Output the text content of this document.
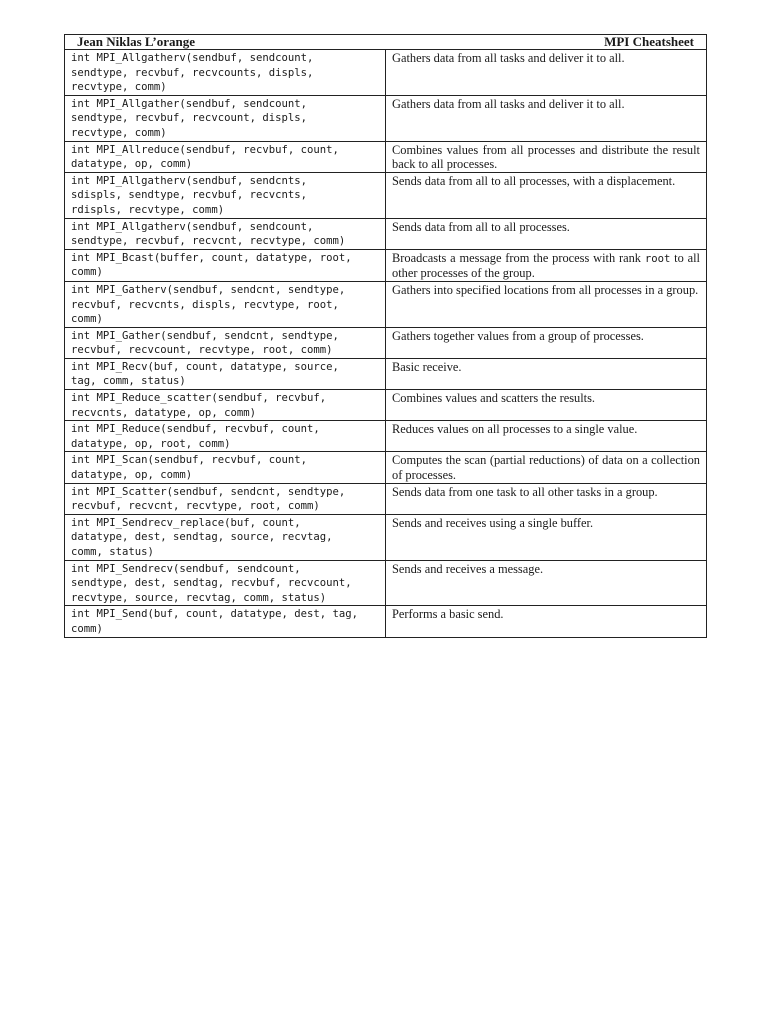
Jean Niklas L’orange MPI Cheatsheet	

int MPI_Allgatherv(sendbuf, sendcount,
sendtype, recvbuf, recvcounts, displs,
recvtype, comm)	Gathers data from all tasks and deliver it to all.
int MPI_Allgather(sendbuf, sendcount,
sendtype, recvbuf, recvcount, displs,
recvtype, comm)	Gathers data from all tasks and deliver it to all.
int MPI_Allreduce(sendbuf, recvbuf, count,
datatype, op, comm)	Combines values from all processes and distribute the result back to all processes.
int MPI_Allgatherv(sendbuf, sendcnts,
sdispls, sendtype, recvbuf, recvcnts,
rdispls, recvtype, comm)	Sends data from all to all processes, with a displacement.
int MPI_Allgatherv(sendbuf, sendcount,
sendtype, recvbuf, recvcnt, recvtype, comm)	Sends data from all to all processes.
int MPI_Bcast(buffer, count, datatype, root,
comm)	Broadcasts a message from the process with rank root to all other processes of the group.
int MPI_Gatherv(sendbuf, sendcnt, sendtype,
recvbuf, recvcnts, displs, recvtype, root,
comm)	Gathers into specified locations from all processes in a group.
int MPI_Gather(sendbuf, sendcnt, sendtype,
recvbuf, recvcount, recvtype, root, comm)	Gathers together values from a group of processes.
int MPI_Recv(buf, count, datatype, source,
tag, comm, status)	Basic receive.
int MPI_Reduce_scatter(sendbuf, recvbuf,
recvcnts, datatype, op, comm)	Combines values and scatters the results.
int MPI_Reduce(sendbuf, recvbuf, count,
datatype, op, root, comm)	Reduces values on all processes to a single value.
int MPI_Scan(sendbuf, recvbuf, count,
datatype, op, comm)	Computes the scan (partial reductions) of data on a collection of processes.
int MPI_Scatter(sendbuf, sendcnt, sendtype,
recvbuf, recvcnt, recvtype, root, comm)	Sends data from one task to all other tasks in a group.
int MPI_Sendrecv_replace(buf, count,
datatype, dest, sendtag, source, recvtag,
comm, status)	Sends and receives using a single buffer.
int MPI_Sendrecv(sendbuf, sendcount,
sendtype, dest, sendtag, recvbuf, recvcount,
recvtype, source, recvtag, comm, status)	Sends and receives a message.
int MPI_Send(buf, count, datatype, dest, tag,
comm)	Performs a basic send.
